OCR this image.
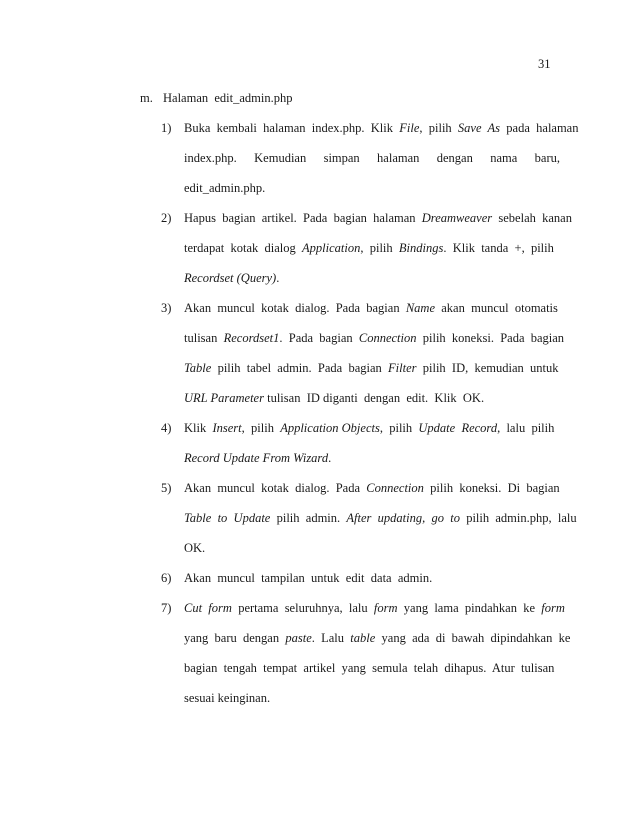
31
m. Halaman  edit_admin.php
1)	Buka  kembali  halaman  index.php.  Klik  File,  pilih  Save  As  pada  halaman
index.php. Kemudian simpan halaman dengan nama baru,
edit_admin.php.
2)	Hapus  bagian  artikel.  Pada  bagian  halaman  Dreamweaver  sebelah  kanan
terdapat  kotak  dialog  Application,  pilih  Bindings.  Klik  tanda  +,  pilih
Recordset (Query).
3)	Akan  muncul  kotak  dialog.  Pada  bagian  Name  akan  muncul  otomatis
tulisan  Recordset1.  Pada  bagian  Connection  pilih  koneksi.  Pada  bagian
Table  pilih  tabel  admin.  Pada  bagian  Filter  pilih  ID,  kemudian  untuk
URL Parameter tulisan  ID diganti  dengan  edit.  Klik  OK.
4)	Klik  Insert,  pilih  Application Objects,  pilih  Update  Record,  lalu  pilih
Record Update From Wizard.
5)	Akan  muncul  kotak  dialog.  Pada  Connection  pilih  koneksi.  Di  bagian
Table  to  Update  pilih  admin.  After  updating,  go  to  pilih  admin.php,  lalu
OK.
6)	Akan  muncul  tampilan  untuk  edit  data  admin.
7)	Cut  form  pertama  seluruhnya,  lalu  form  yang  lama  pindahkan  ke  form
yang  baru  dengan  paste.  Lalu  table  yang  ada  di  bawah  dipindahkan  ke
bagian  tengah  tempat  artikel  yang  semula  telah  dihapus.  Atur  tulisan
sesuai keinginan.
